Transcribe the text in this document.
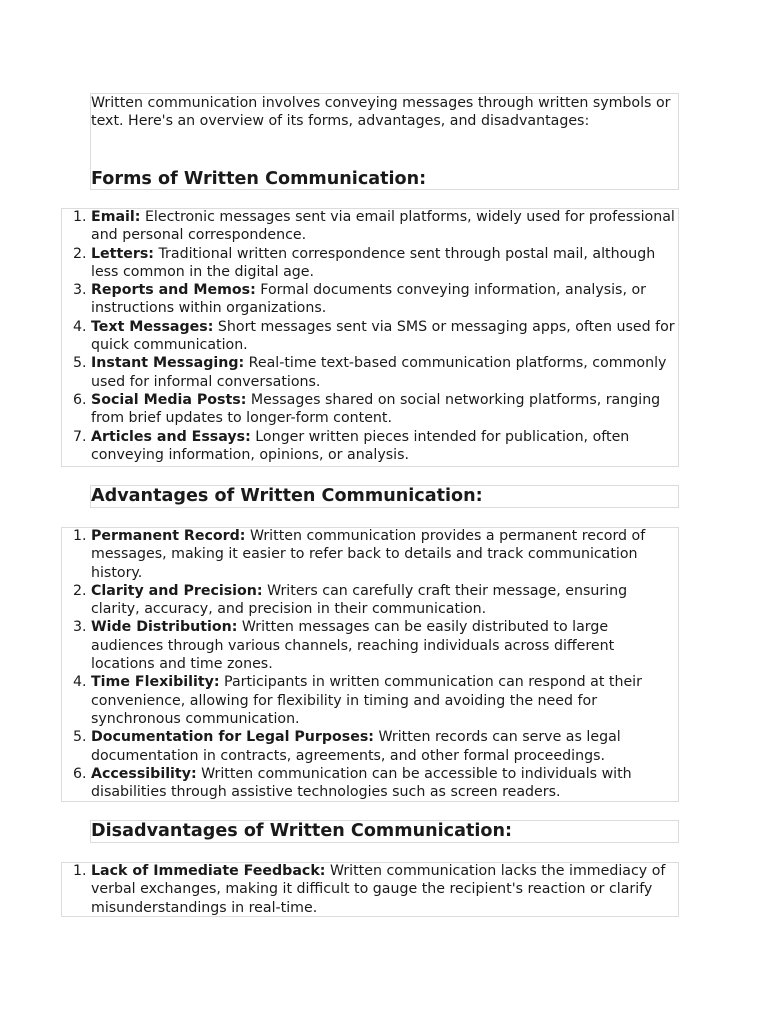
Written communication involves conveying messages through written symbols or text. Here's an overview of its forms, advantages, and disadvantages:

Forms of Written Communication:
1. Email: Electronic messages sent via email platforms, widely used for professional and personal correspondence.
2. Letters: Traditional written correspondence sent through postal mail, although less common in the digital age.
3. Reports and Memos: Formal documents conveying information, analysis, or instructions within organizations.
4. Text Messages: Short messages sent via SMS or messaging apps, often used for quick communication.
5. Instant Messaging: Real-time text-based communication platforms, commonly used for informal conversations.
6. Social Media Posts: Messages shared on social networking platforms, ranging from brief updates to longer-form content.
7. Articles and Essays: Longer written pieces intended for publication, often conveying information, opinions, or analysis.
Advantages of Written Communication:
1. Permanent Record: Written communication provides a permanent record of messages, making it easier to refer back to details and track communication history.
2. Clarity and Precision: Writers can carefully craft their message, ensuring clarity, accuracy, and precision in their communication.
3. Wide Distribution: Written messages can be easily distributed to large audiences through various channels, reaching individuals across different locations and time zones.
4. Time Flexibility: Participants in written communication can respond at their convenience, allowing for flexibility in timing and avoiding the need for synchronous communication.
5. Documentation for Legal Purposes: Written records can serve as legal documentation in contracts, agreements, and other formal proceedings.
6. Accessibility: Written communication can be accessible to individuals with disabilities through assistive technologies such as screen readers.
Disadvantages of Written Communication:
1. Lack of Immediate Feedback: Written communication lacks the immediacy of verbal exchanges, making it difficult to gauge the recipient's reaction or clarify misunderstandings in real-time.
